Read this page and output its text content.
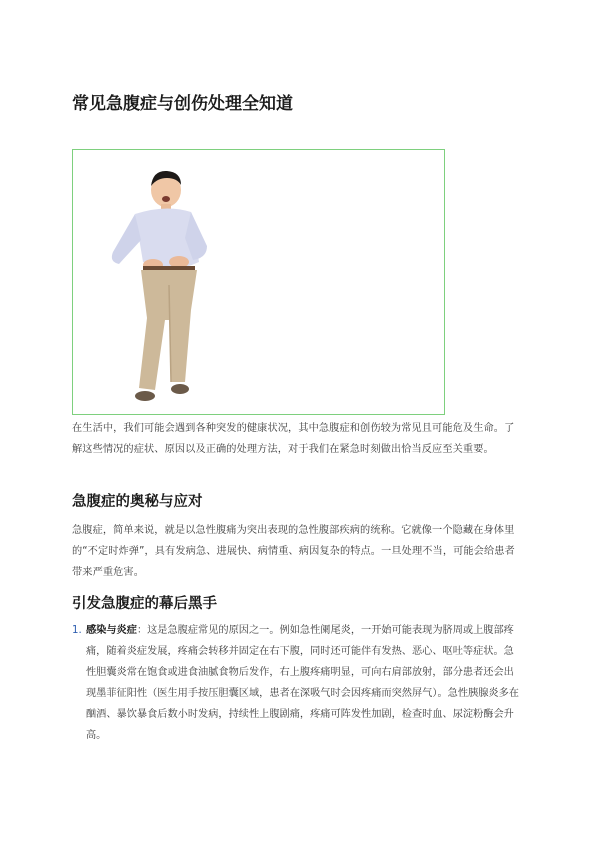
常见急腹症与创伤处理全知道

在生活中，我们可能会遇到各种突发的健康状况，其中急腹症和创伤较为常见且可能危及生命。了解这些情况的症状、原因以及正确的处理方法，对于我们在紧急时刻做出恰当反应至关重要。

急腹症的奥秘与应对

急腹症，简单来说，就是以急性腹痛为突出表现的急性腹部疾病的统称。它就像一个隐藏在身体里的“不定时炸弹”，具有发病急、进展快、病情重、病因复杂的特点。一旦处理不当，可能会给患者带来严重危害。

引发急腹症的幕后黑手
1. 感染与炎症：这是急腹症常见的原因之一。例如急性阑尾炎，一开始可能表现为脐周或上腹部疼痛，随着炎症发展，疼痛会转移并固定在右下腹，同时还可能伴有发热、恶心、呕吐等症状。急性胆囊炎常在饱食或进食油腻食物后发作，右上腹疼痛明显，可向右肩部放射，部分患者还会出现墨菲征阳性（医生用手按压胆囊区域，患者在深吸气时会因疼痛而突然屏气）。急性胰腺炎多在酗酒、暴饮暴食后数小时发病，持续性上腹剧痛，疼痛可阵发性加剧，检查时血、尿淀粉酶会升高。
